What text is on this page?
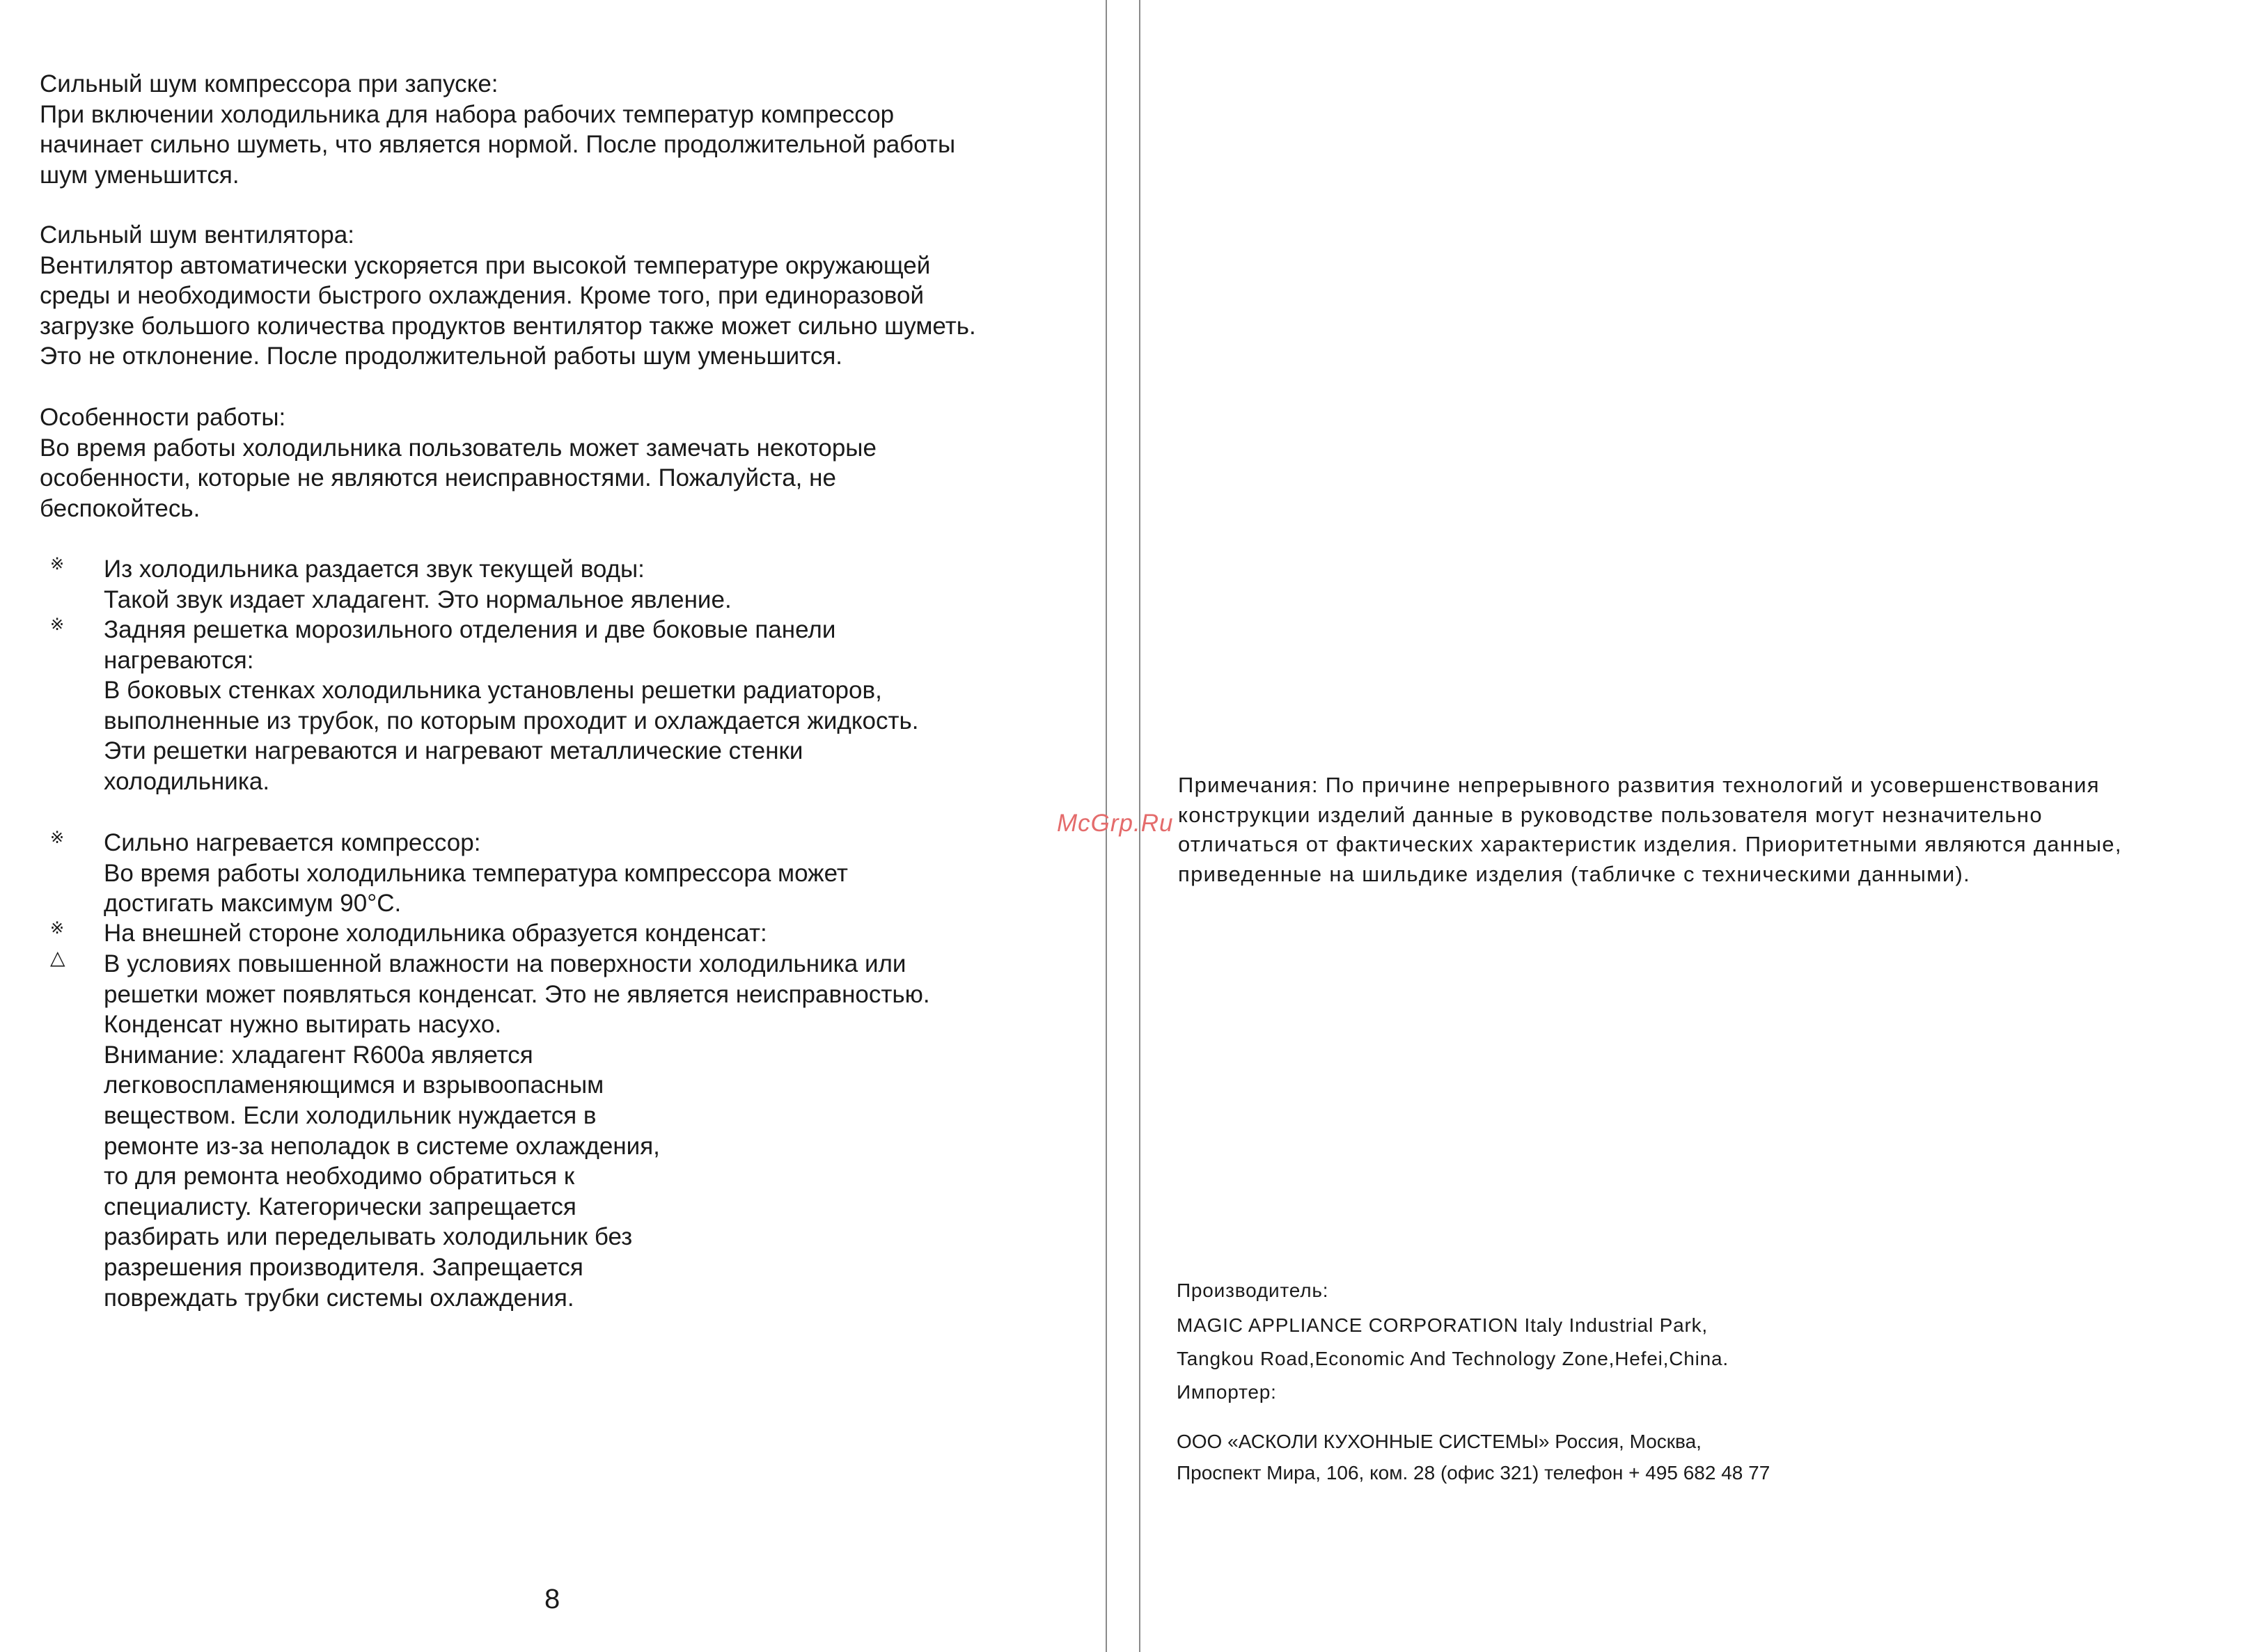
Сильный шум компрессора при запуске:
При включении холодильника для набора рабочих температур компрессор
начинает сильно шуметь, что является нормой. После продолжительной работы
шум уменьшится.
Сильный шум вентилятора:
Вентилятор автоматически ускоряется при высокой температуре окружающей
среды и необходимости быстрого охлаждения. Кроме того, при единоразовой
загрузке большого количества продуктов вентилятор также может сильно шуметь.
Это не отклонение. После продолжительной работы шум уменьшится.
Особенности работы:
Во время работы холодильника пользователь может замечать некоторые
особенности, которые не являются неисправностями. Пожалуйста, не
беспокойтесь.
※
※
※
※
△
Из холодильника раздается звук текущей воды:
Такой звук издает хладагент. Это нормальное явление.
Задняя решетка морозильного отделения и две боковые панели
нагреваются:
В боковых стенках холодильника установлены решетки радиаторов,
выполненные из трубок, по которым проходит и охлаждается жидкость.
Эти решетки нагреваются и нагревают металлические стенки
холодильника.
Сильно нагревается компрессор:
Во время работы холодильника температура компрессора может
достигать максимум 90°C.
На внешней стороне холодильника образуется конденсат:
В условиях повышенной влажности на поверхности холодильника или
решетки может появляться конденсат. Это не является неисправностью.
Конденсат нужно вытирать насухо.
Внимание: хладагент R600a является
легковоспламеняющимся и взрывоопасным
веществом. Если холодильник нуждается в
ремонте из-за неполадок в системе охлаждения,
то для ремонта необходимо обратиться к
специалисту. Категорически запрещается
разбирать или переделывать холодильник без
разрешения производителя. Запрещается
повреждать трубки системы охлаждения.
8
Примечания: По причине непрерывного развития технологий и усовершенствования
конструкции изделий данные в руководстве пользователя могут незначительно
отличаться от фактических характеристик изделия. Приоритетными являются данные,
приведенные на шильдике изделия (табличке с техническими данными).
McGrp.Ru
Производитель:
MAGIC APPLIANCE CORPORATION Italy Industrial Park,
Tangkou Road,Economic And Technology Zone,Hefei,China.
Импортер:
ООО «АСКОЛИ КУХОННЫЕ СИСТЕМЫ» Россия, Москва,
Проспект Мира, 106, ком. 28 (офис 321) телефон + 495 682 48 77
